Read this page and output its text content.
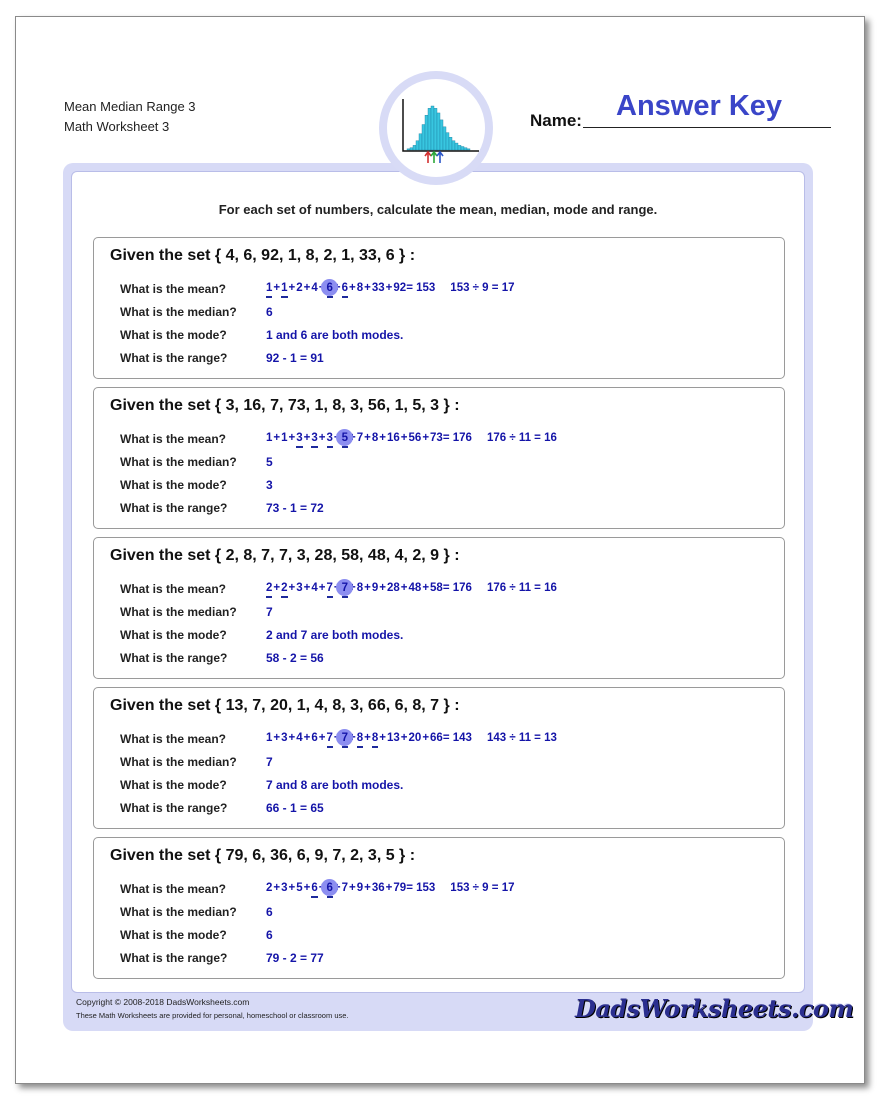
Mean Median Range 3
Math Worksheet 3
Answer Key
Name:
For each set of numbers, calculate the mean, median, mode and range.
Given the set { 4, 6, 92, 1, 8, 2, 1, 33, 6 } :
What is the mean?	1+1+2+4+6+6+8+33+92= 153 153 ÷ 9 = 17
What is the median? 6
What is the mode?	1 and 6 are both modes.
What is the range?	92 - 1 = 91
Given the set { 3, 16, 7, 73, 1, 8, 3, 56, 1, 5, 3 } :
What is the mean?	1+1+3+3+3+5+7+8+16+56+73= 176 176 ÷ 11 = 16
What is the median? 5
What is the mode?	3
What is the range?	73 - 1 = 72
Given the set { 2, 8, 7, 7, 3, 28, 58, 48, 4, 2, 9 } :
What is the mean?	2+2+3+4+7+7+8+9+28+48+58= 176 176 ÷ 11 = 16
What is the median? 7
What is the mode?	2 and 7 are both modes.
What is the range?	58 - 2 = 56
Given the set { 13, 7, 20, 1, 4, 8, 3, 66, 6, 8, 7 } :
What is the mean?	1+3+4+6+7+7+8+8+13+20+66= 143 143 ÷ 11 = 13
What is the median? 7
What is the mode?	7 and 8 are both modes.
What is the range?	66 - 1 = 65
Given the set { 79, 6, 36, 6, 9, 7, 2, 3, 5 } :
What is the mean?	2+3+5+6+6+7+9+36+79= 153 153 ÷ 9 = 17
What is the median? 6
What is the mode?	6
What is the range?	79 - 2 = 77
Copyright © 2008-2018 DadsWorksheets.com
These Math Worksheets are provided for personal, homeschool or classroom use.	DadsWorksheets.com
